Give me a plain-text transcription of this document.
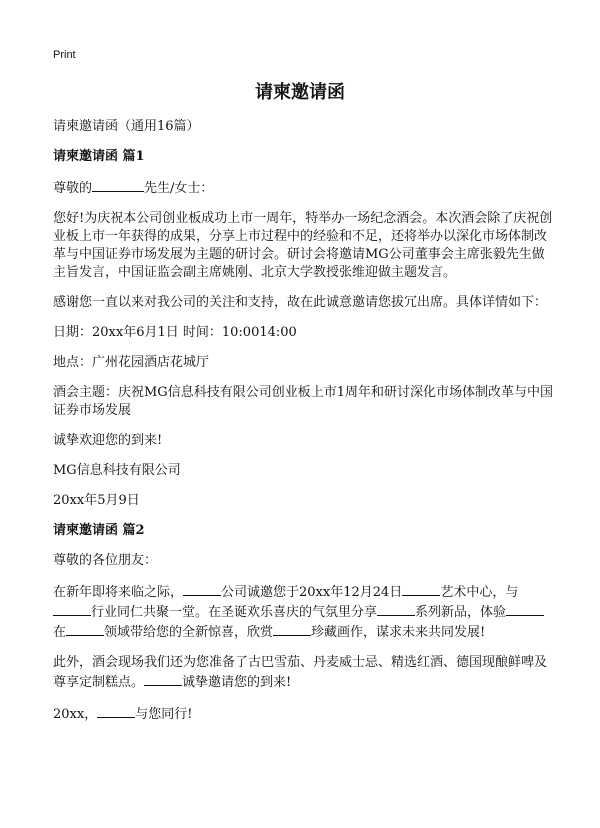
Print
请柬邀请函

请柬邀请函（通用16篇）

请柬邀请函 篇1

尊敬的	先生/女士：

您好!为庆祝本公司创业板成功上市一周年，特举办一场纪念酒会。本次酒会除了庆祝创业板上市一年获得的成果，分享上市过程中的经验和不足，还将举办以深化市场体制改革与中国证券市场发展为主题的研讨会。研讨会将邀请MG公司董事会主席张毅先生做主旨发言，中国证监会副主席姚刚、北京大学教授张维迎做主题发言。

感谢您一直以来对我公司的关注和支持，故在此诚意邀请您拔冗出席。具体详情如下：

日期：20xx年6月1日 时间：10:0014:00

地点：广州花园酒店花城厅

酒会主题：庆祝MG信息科技有限公司创业板上市1周年和研讨深化市场体制改革与中国证券市场发展

诚挚欢迎您的到来!

MG信息科技有限公司

20xx年5月9日

请柬邀请函 篇2

尊敬的各位朋友：

在新年即将来临之际，	公司诚邀您于20xx年12月24日	艺术中心，与行业同仁共聚一堂。在圣诞欢乐喜庆的气氛里分享	系列新品，体验在	领域带给您的全新惊喜，欣赏	珍藏画作，谋求未来共同发展!

此外，酒会现场我们还为您准备了古巴雪茄、丹麦威士忌、精选红酒、德国现酿鲜啤及尊享定制糕点。	诚挚邀请您的到来!

20xx，	与您同行!
